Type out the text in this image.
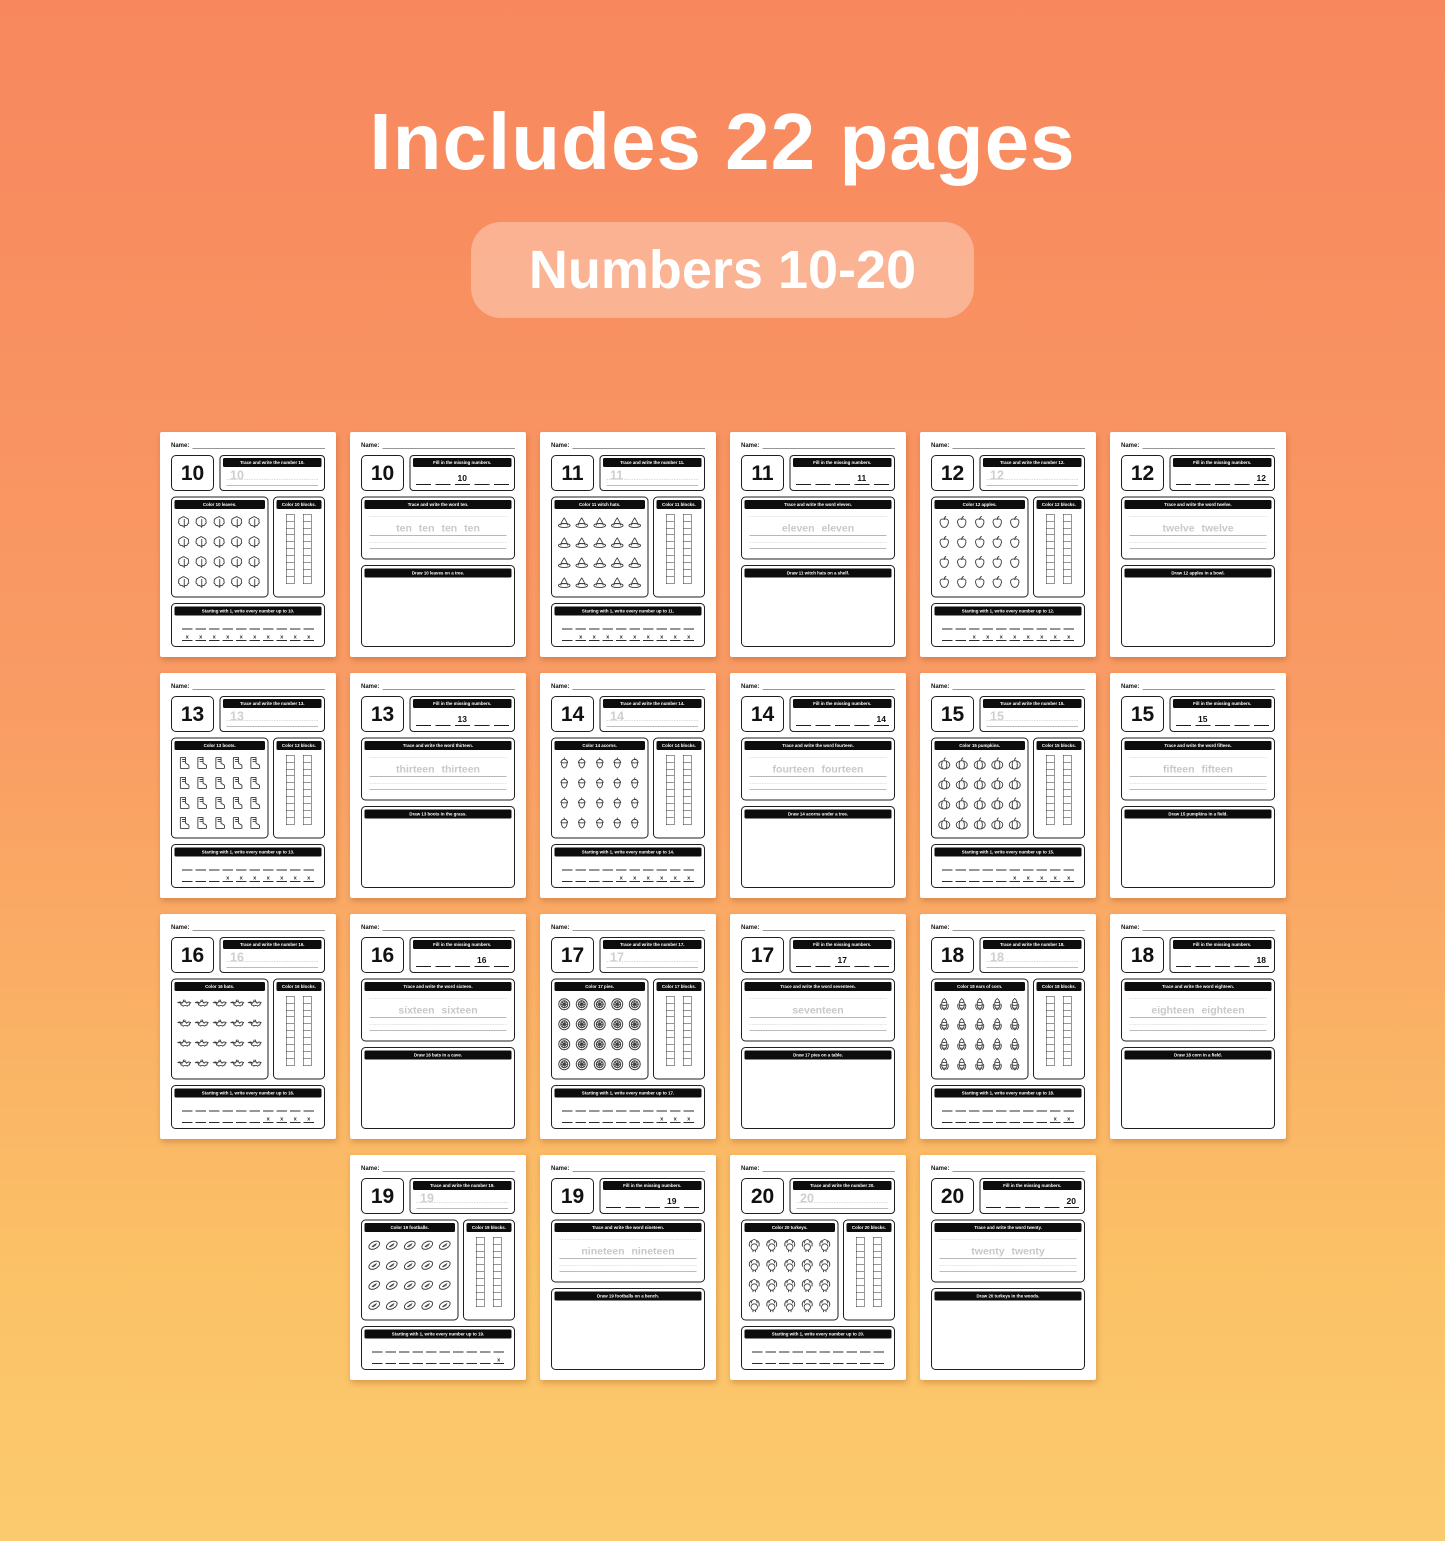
Includes 22 pages
Numbers 10-20
Name:
10	Trace and write the number 10.
10
Color 10 leaves.	Color 10 blocks.
Starting with 1, write every number up to 10.
x x x x x x x x x x
Name:
10	Fill in the missing numbers.
10
Trace and write the word ten.
ten ten ten ten
Draw 10 leaves on a tree.
Name:
11	Trace and write the number 11.
11
Color 11 witch hats.	Color 11 blocks.
Starting with 1, write every number up to 11.
x x x x x x x x x
Name:
11	Fill in the missing numbers.
11
Trace and write the word eleven.
eleven eleven
Draw 11 witch hats on a shelf.
Name:
12	Trace and write the number 12.
12
Color 12 apples.	Color 12 blocks.
Starting with 1, write every number up to 12.
x x x x x x x x
Name:
12	Fill in the missing numbers.
12
Trace and write the word twelve.
twelve twelve
Draw 12 apples in a bowl.
Name:
13	Trace and write the number 13.
13
Color 13 boots.	Color 13 blocks.
Starting with 1, write every number up to 13.
x x x x x x x
Name:
13	Fill in the missing numbers.
13
Trace and write the word thirteen.
thirteen thirteen
Draw 13 boots in the grass.
Name:
14	Trace and write the number 14.
14
Color 14 acorns.	Color 14 blocks.
Starting with 1, write every number up to 14.
x x x x x x
Name:
14	Fill in the missing numbers.
14
Trace and write the word fourteen.
fourteen fourteen
Draw 14 acorns under a tree.
Name:
15	Trace and write the number 15.
15
Color 15 pumpkins.	Color 15 blocks.
Starting with 1, write every number up to 15.
x x x x x
Name:
15	Fill in the missing numbers.
15
Trace and write the word fifteen.
fifteen fifteen
Draw 15 pumpkins in a field.
Name:
16	Trace and write the number 16.
16
Color 16 bats.	Color 16 blocks.
Starting with 1, write every number up to 16.
x x x x
Name:
16	Fill in the missing numbers.
16
Trace and write the word sixteen.
sixteen sixteen
Draw 16 bats in a cave.
Name:
17	Trace and write the number 17.
17
Color 17 pies.	Color 17 blocks.
Starting with 1, write every number up to 17.
x x x
Name:
17	Fill in the missing numbers.
17
Trace and write the word seventeen.
seventeen
Draw 17 pies on a table.
Name:
18	Trace and write the number 18.
18
Color 18 ears of corn.	Color 18 blocks.
Starting with 1, write every number up to 18.
x x
Name:
18	Fill in the missing numbers.
18
Trace and write the word eighteen.
eighteen eighteen
Draw 18 corn in a field.
Name:
19	Trace and write the number 19.
19
Color 19 footballs.	Color 19 blocks.
Starting with 1, write every number up to 19.
x
Name:
19	Fill in the missing numbers.
19
Trace and write the word nineteen.
nineteen nineteen
Draw 19 footballs on a bench.
Name:
20	Trace and write the number 20.
20
Color 20 turkeys.	Color 20 blocks.
Starting with 1, write every number up to 20.
Name:
20	Fill in the missing numbers.
20
Trace and write the word twenty.
twenty twenty
Draw 20 turkeys in the woods.
